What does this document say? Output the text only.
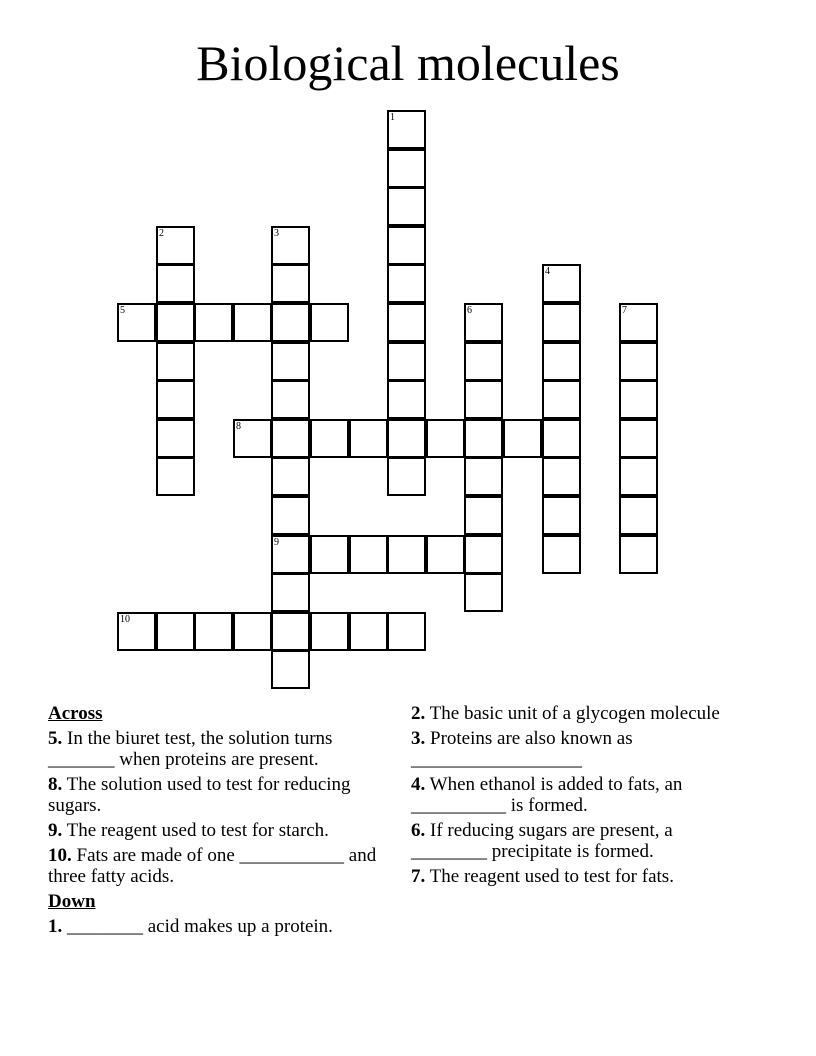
Biological molecules
1
2	3
9
4
5	6	7
8
10
Across
5. In the biuret test, the solution turns _______ when proteins are present.
8. The solution used to test for reducing sugars.
9. The reagent used to test for starch.
10. Fats are made of one ___________ and three fatty acids.
Down
1. ________ acid makes up a protein.
2. The basic unit of a glycogen molecule
3. Proteins are also known as __________________
4. When ethanol is added to fats, an __________ is formed.
6. If reducing sugars are present, a ________ precipitate is formed.
7. The reagent used to test for fats.
